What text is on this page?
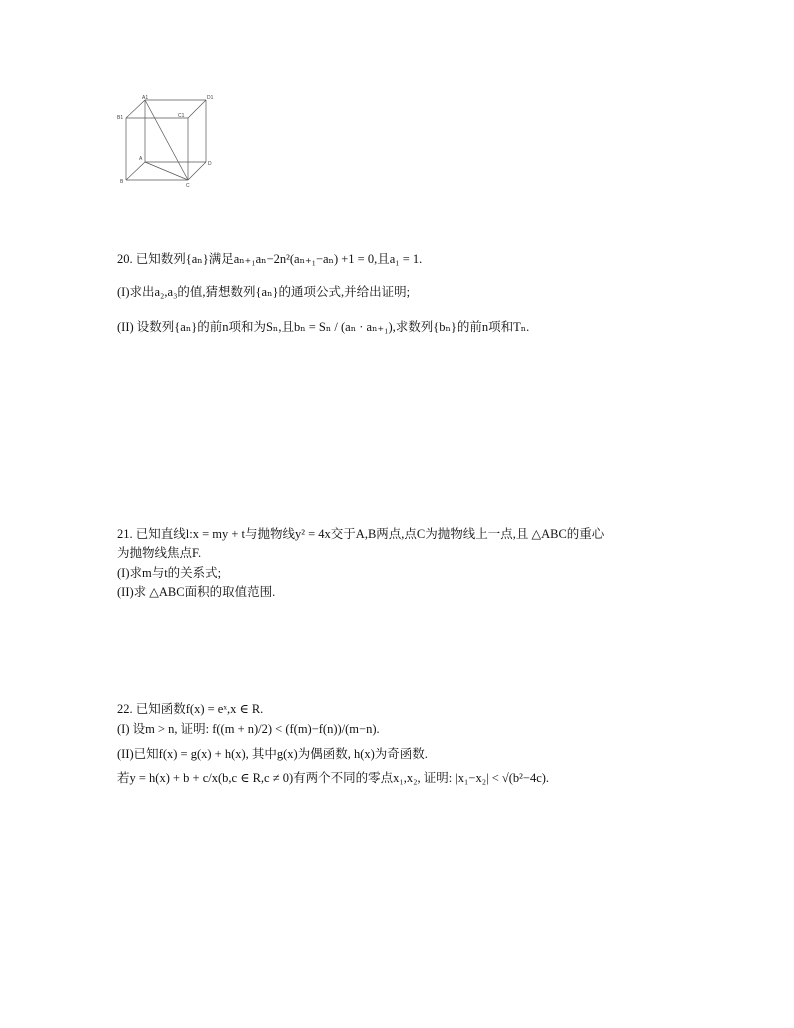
A1	D1
B1	C1
A
D
B
C
20. 已知数列{aₙ}满足aₙ₊₁aₙ−2n²(aₙ₊₁−aₙ) +1 = 0,且a₁ = 1.
(I)求出a₂,a₃的值,猜想数列{aₙ}的通项公式,并给出证明;
(II) 设数列{aₙ}的前n项和为Sₙ,且bₙ = Sₙ / (aₙ · aₙ₊₁),求数列{bₙ}的前n项和Tₙ.
21. 已知直线l:x = my + t与抛物线y² = 4x交于A,B两点,点C为抛物线上一点,且 △ABC的重心
为抛物线焦点F.
(I)求m与t的关系式;
(II)求 △ABC面积的取值范围.
22. 已知函数f(x) = eˣ,x ∈ R.
(I) 设m > n, 证明: f((m + n)/2) < (f(m)−f(n))/(m−n).
(II)已知f(x) = g(x) + h(x), 其中g(x)为偶函数, h(x)为奇函数.
若y = h(x) + b + c/x(b,c ∈ R,c ≠ 0)有两个不同的零点x₁,x₂, 证明: |x₁−x₂| < √(b²−4c).
